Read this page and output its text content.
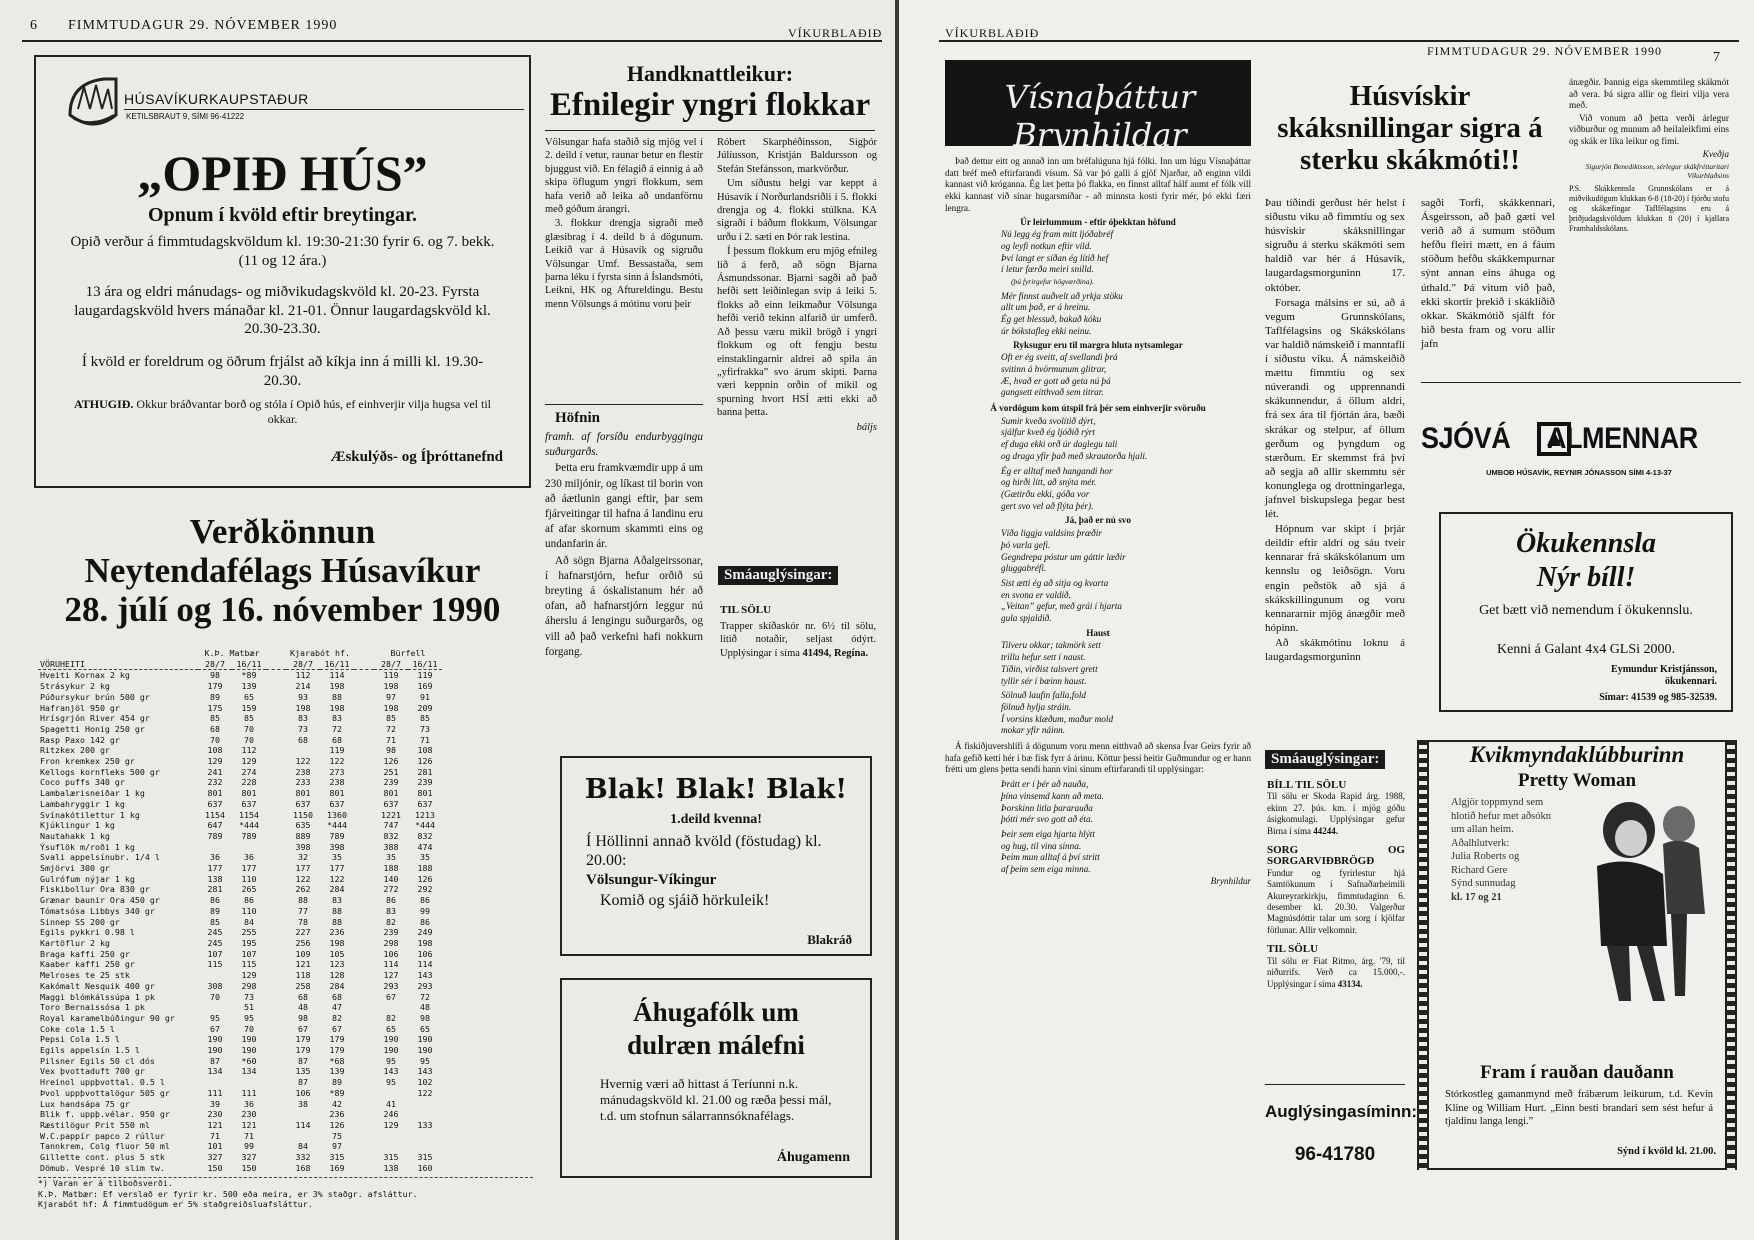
6 FIMMTUDAGUR 29. NÓVEMBER 1990	VÍKURBLAÐIÐ
HÚSAVÍKURKAUPSTAÐUR
KETILSBRAUT 9, SÍMI 96-41222
„OPIÐ HÚS”
Opnum í kvöld eftir breytingar.
Opið verður á fimmtudagskvöldum kl. 19:30-21:30 fyrir 6. og 7. bekk. (11 og 12 ára.)
13 ára og eldri mánudags- og miðvikudagskvöld kl. 20-23. Fyrsta laugardagskvöld hvers mánaðar kl. 21-01. Önnur laugardagskvöld kl. 20.30-23.30.
Í kvöld er foreldrum og öðrum frjálst að kíkja inn á milli kl. 19.30-20.30.
ATHUGIÐ. Okkur bráðvantar borð og stóla í Opið hús, ef einhverjir vilja hugsa vel til okkar.
Æskulýðs- og Íþróttanefnd
Verðkönnun
Neytendafélags Húsavíkur
28. júlí og 16. nóvember 1990
	K.Þ. Matbær			Kjarabót hf.			Bürfell	
VÖRUHEITI	28/7	16/11		28/7	16/11		28/7	16/11
Hveiti Kornax 2 kg	98	*89		112	114		119	119
Strásykur 2 kg	179	139		214	198		198	169
Púðursykur brún 500 gr	89	65		93	88		97	91
Hafranjöl 950 gr	175	159		198	198		198	209
Hrísgrjón River 454 gr	85	85		83	83		85	85
Spagetti Honig 250 gr	68	70		73	72		72	73
Rasp Paxo 142 gr	70	70		68	68		71	71
Ritzkex 200 gr	108	112			119		98	108
Fron kremkex 250 gr	129	129		122	122		126	126
Kellogs kornfleks 500 gr	241	274		238	273		251	281
Coco puffs 340 gr	232	228		233	238		239	239
Lambalærisneiðar 1 kg	801	801		801	801		801	801
Lambahryggir 1 kg	637	637		637	637		637	637
Svínakótilettur 1 kg	1154	1154		1150	1360		1221	1213
Kjúklingur 1 kg	647	*444		635	*444		747	*444
Nautahakk 1 kg	789	789		889	789		832	832
Ýsuflök m/roði 1 kg				398	398		388	474
Svali appelsínubr. 1/4 l	36	36		32	35		35	35
Smjörvi 300 gr	177	177		177	177		188	188
Gulrófum nýjar 1 kg	138	110		122	122		140	126
Fiskibollur Ora 830 gr	281	265		262	284		272	292
Grænar baunir Ora 450 gr	86	86		88	83		86	86
Tómatsósa Libbys 340 gr	89	110		77	88		83	99
Sinnep SS 200 gr	85	84		78	88		82	86
Egils pykkri 0.98 l	245	255		227	236		239	249
Kartöflur 2 kg	245	195		256	198		298	198
Braga kaffi 250 gr	107	107		109	105		106	106
Kaaber kaffi 250 gr	115	115		121	123		114	114
Melroses te 25 stk		129		118	128		127	143
Kakómalt Nesquik 400 gr	308	298		258	284		293	293
Maggi blómkálssúpa 1 pk	70	73		68	68		67	72
Toro Bernaissósa 1 pk		51		48	47			48
Royal karamelbúðingur 90 gr	95	95		98	82		82	98
Coke cola 1.5 l	67	70		67	67		65	65
Pepsi Cola 1.5 l	190	190		179	179		190	190
Egils appelsín 1.5 l	190	190		179	179		190	190
Pilsner Egils 50 cl dós	87	*60		87	*68		95	95
Vex þvottaduft 700 gr	134	134		135	139		143	143
Hreinol uppþvottal. 0.5 l				87	89		95	102
Þvol uppþvottalögur 505 gr	111	111		106	*89			122
Lux handsápa 75 gr	39	36		38	42		41	
Blik f. uppþ.vélar. 950 gr	230	230			236		246	
Ræstilögur Prit 550 ml	121	121		114	126		129	133
W.C.pappír papco 2 rúllur	71	71			75			
Tannkrem, Colg fluor 50 ml	101	99		84	97			
Gillette cont. plus 5 stk	327	327		332	315		315	315
Dömub. Vespré 10 slim tw.	150	150		168	169		138	160
*) Varan er á tilboðsverði.
K.Þ. Matbær: Ef verslað er fyrir kr. 500 eða meira, er 3% staðgr. afsláttur.
Kjarabót hf: Á fimmtudögum er 5% staðgreiðsluafsláttur.
Handknattleikur:
Efnilegir yngri flokkar

Völsungar hafa staðið sig mjög vel í 2. deild í vetur, raunar betur en flestir bjuggust við. En félagið á einnig á að skipa öflugum yngri flokkum, sem hafa verið að leika að undanförnu með góðum árangri.

3. flokkur drengja sigraði með glæsibrag í 4. deild b á dögunum. Leikið var á Húsavík og sigruðu Völsungar Umf. Bessastaða, sem þarna léku í fyrsta sinn á Íslandsmóti, Leikni, HK og Aftureldingu. Bestu menn Völsungs á mótinu voru þeir

Róbert Skarphéðinsson, Sigþór Júlíusson, Kristján Baldursson og Stefán Stefánsson, markvörður.

Um síðustu helgi var keppt á Húsavík í Norðurlandsriðli í 5. flokki drengja og 4. flokki stúlkna. KA sigraði í báðum flokkum, Völsungar urðu í 2. sæti en Þór rak lestina.

Í þessum flokkum eru mjög efnileg lið á ferð, að sögn Bjarna Ásmundssonar. Bjarni sagði að það hefði sett leiðinlegan svip á leiki 5. flokks að einn leikmaður Völsunga hefði verið tekinn alfarið úr umferð. Að þessu væru mikil brögð í yngri flokkum og oft fengju bestu einstaklingarnir aldrei að spila án „yfirfrakka” svo árum skipti. Þarna væri keppnin orðin of mikil og spurning hvort HSÍ ætti ekki að banna þetta.

báljs

Höfnin

framh. af forsíðu endurbyggingu suðurgarðs.

Þetta eru framkvæmdir upp á um 230 miljónir, og líkast til borin von að áætlunin gangi eftir, þar sem fjárveitingar til hafna á landinu eru af afar skornum skammti eins og undanfarin ár.

Að sögn Bjarna Aðalgeirssonar, í hafnarstjórn, hefur orðið sú breyting á óskalistanum hér að ofan, að hafnarstjórn leggur nú áherslu á lengingu suðurgarðs, og vill að það verkefni hafi nokkurn forgang.

Smáauglýsingar:
TIL SÖLU
Trapper skíðaskór nr. 6½ til sölu, lítið notaðir, seljast ódýrt. Upplýsingar í síma 41494, Regína.
Blak! Blak! Blak!
1.deild kvenna!
Í Höllinni annað kvöld (föstudag) kl. 20.00:
Völsungur-Víkingur
Komið og sjáið hörkuleik!
Blakráð
Áhugafólk um dulræn málefni
Hvernig væri að hittast á Teríunni n.k. mánudagskvöld kl. 21.00 og ræða þessi mál, t.d. um stofnun sálarrannsóknafélags.
Áhugamenn
VÍKURBLAÐIÐ
FIMMTUDAGUR 29. NÓVEMBER 1990	7
Vísnaþáttur Brynhildar

Það dettur eitt og annað inn um bréfalúguna hjá fólki. Inn um lúgu Vísnaþáttar datt bréf með eftirfarandi vísum. Sá var þó galli á gjöf Njarðar, að enginn vildi kannast við króganna. Ég læt þetta þó flakka, en finnst alltaf hálf aumt ef fólk vill ekki kannast við sínar hugarsmíðar - að minnsta kosti fyrir mér, þó ekki færi lengra.

Úr leirlummum - eftir óþekktan höfund

Nú legg ég fram mitt ljóðabréf
og leyfi notkun eftir vild.
Því langt er síðan ég lítið hef
í letur færða meiri snilld.
(þú fyrirgefur högværðina).
Mér finnst auðvelt að yrkja stöku
allt um það, er á hreinu.
Ég get blessuð, bakað köku
úr bókstafleg ekki neinu.

Ryksugur eru til margra hluta nytsamlegar

Oft er ég sveitt, af svellandi þrá
svitinn á hvörmunum glitrar,
Æ, hvað er gott að geta nú þá
gangsett eitthvað sem titrar.

Á vordögum kom útspil frá þér sem einhverjir svöruðu

Sumir kveða svolítið dýrt,
sjálfur kveð ég ljóðið rýrt
ef duga ekki orð úr daglegu tali
og draga yfir það með skrautorða hjali.
Ég er alltaf með hangandi hor
og hirði lítt, að snýta mér.
(Gætirðu ekki, góða vor
gert svo vel að flýta þér).

Já, það er nú svo

Víða liggja valdsins þræðir
þó varla gefi.
Gegndrepa póstur um gáttir læðir
gluggabréfi.
Sist ætti ég að sitja og kvarta
en svona er valdið.
„Veitan” gefur, með grái í hjarta
gula spjaldið.

Haust

Tilveru okkar; takmörk sett
trillu hefur sett í naust.
Tíðin, virðist talsvert grett
tyllir sér í bæinn haust.
Sölnuð laufin falla,fold
fölnuð hylja stráin.
Í vorsins klæðum, maður mold
mokar yfir náinn.

Á fiskiðjuvershlífi á dögunum voru menn eitthvað að skensa Ívar Geirs fyrir að hafa gefið ketti hér í bæ fisk fyrr á árinu. Köttur þessi heitir Guðmundur og er hann frétti um glens þetta sendi hann vini sínum eftirfarandi til upplýsingar:

Þrátt er í þér að nauða,
þína vinsemd kann að meta.
Þorskinn litla þararauða
þótti mér svo gott að éta.
Þeir sem eiga hjarta hlýtt
og hug, til vina sinna.
Þeim mun alltaf á því stritt
af þeim sem eiga minna.
Brynhildur
Húsvískir skáksnillingar sigra á sterku skákmóti!!

Þau tíðindi gerðust hér helst í síðustu viku að fimmtíu og sex húsvískir skáksnillingar sigruðu á sterku skákmóti sem haldið var hér á Húsavík, laugardagsmorguninn 17. október.

Forsaga málsins er sú, að á vegum Grunnskólans, Taflfélagsins og Skákskólans var haldið námskeið í manntafli í síðustu viku. Á námskeiðið mættu fimmtíu og sex núverandi og upprennandi skákunnendur, á öllum aldri, frá sex ára til fjórtán ára, bæði skrákar og stelpur, af öllum gerðum og þyngdum og stærðum. Er skemmst frá því að segja að allir skemmtu sér konunglega og drottningarlega, jafnvel biskupslega þegar best lét.

Hópnum var skipt í þrjár deildir eftir aldri og sáu tveir kennarar frá skákskólanum um kennslu og leiðsögn. Voru engin peðstök að sjá á skákskillingunum og voru kennararnir mjög ánægðir með hópinn.

Að skákmótinu loknu á laugardagsmorguninn

sagði Torfi, skákkennari, Ásgeirsson, að það gæti vel verið að á sumum stöðum hefðu fleiri mætt, en á fáum stöðum hefðu skákkempurnar sýnt annan eins áhuga og úthald.” Þá vitum við það, ekki skortir þrekið í skákliðið okkar. Skákmótið sjálft fór hið besta fram og voru allir jafn

ánægðir. Þannig eiga skemmtileg skákmót að vera. Þá sigra allir og fleiri vilja vera með.

Við vonum að þetta verði árlegur viðburður og munum að heilaleikfimi eins og skák er líka leikur og fimi.

Kveðja

Sigurjón Benediktsson, sérlegur skákfréttaritari Víkurblaðsins

P.S. Skákkennsla Grunnskólans er á miðvikudögum klukkan 6-8 (18-20) í fjórðu stofu og skákæfingar Taflfélagsins eru á þriðjudagskvöldum klukkan 8 (20) í kjallara Framhaldsskólans.

SJÓVÁ ALMENNAR
UMBOÐ HÚSAVÍK, REYNIR JÓNASSON SÍMI 4-13-37
Ökukennsla
Nýr bíll!
Get bætt við nemendum í ökukennslu.
Kenni á Galant 4x4 GLSi 2000.
Eymundur Kristjánsson, ökukennari.
Símar: 41539 og 985-32539.
Smáauglýsingar:
BÍLL TIL SÖLU
Til sölu er Skoda Rapid árg. 1988, ekinn 27. þús. km. í mjög góðu ásigkomulagi. Upplýsingar gefur Birna í síma 44244.
SORG OG SORGARVIÐBRÖGÐ
Fundur og fyrirlestur hjá Samtökunum í Safnaðarheimili Akureyrarkirkju, fimmtudaginn 6. desember kl. 20.30. Valgerður Magnúsdóttir talar um sorg í kjölfar fötlunar. Allir velkomnir.
TIL SÖLU
Til sölu er Fiat Ritmo, árg. '79, til niðurrifs. Verð ca 15.000,-. Upplýsingar í síma 43134.
Auglýsingasíminn:
96-41780
Kvikmyndaklúbburinn
Pretty Woman
Algjör toppmynd sem hlotið hefur met aðsókn um allan heim.
Aðalhlutverk:
Julia Roberts og
Richard Gere
Sýnd sunnudag
kl. 17 og 21
Fram í rauðan dauðann
Stórkostleg gamanmynd með frábærum leikurum, t.d. Kevin Kline og William Hurt. „Einn besti brandari sem sést hefur á tjaldinu langa lengi.”
Sýnd í kvöld kl. 21.00.
